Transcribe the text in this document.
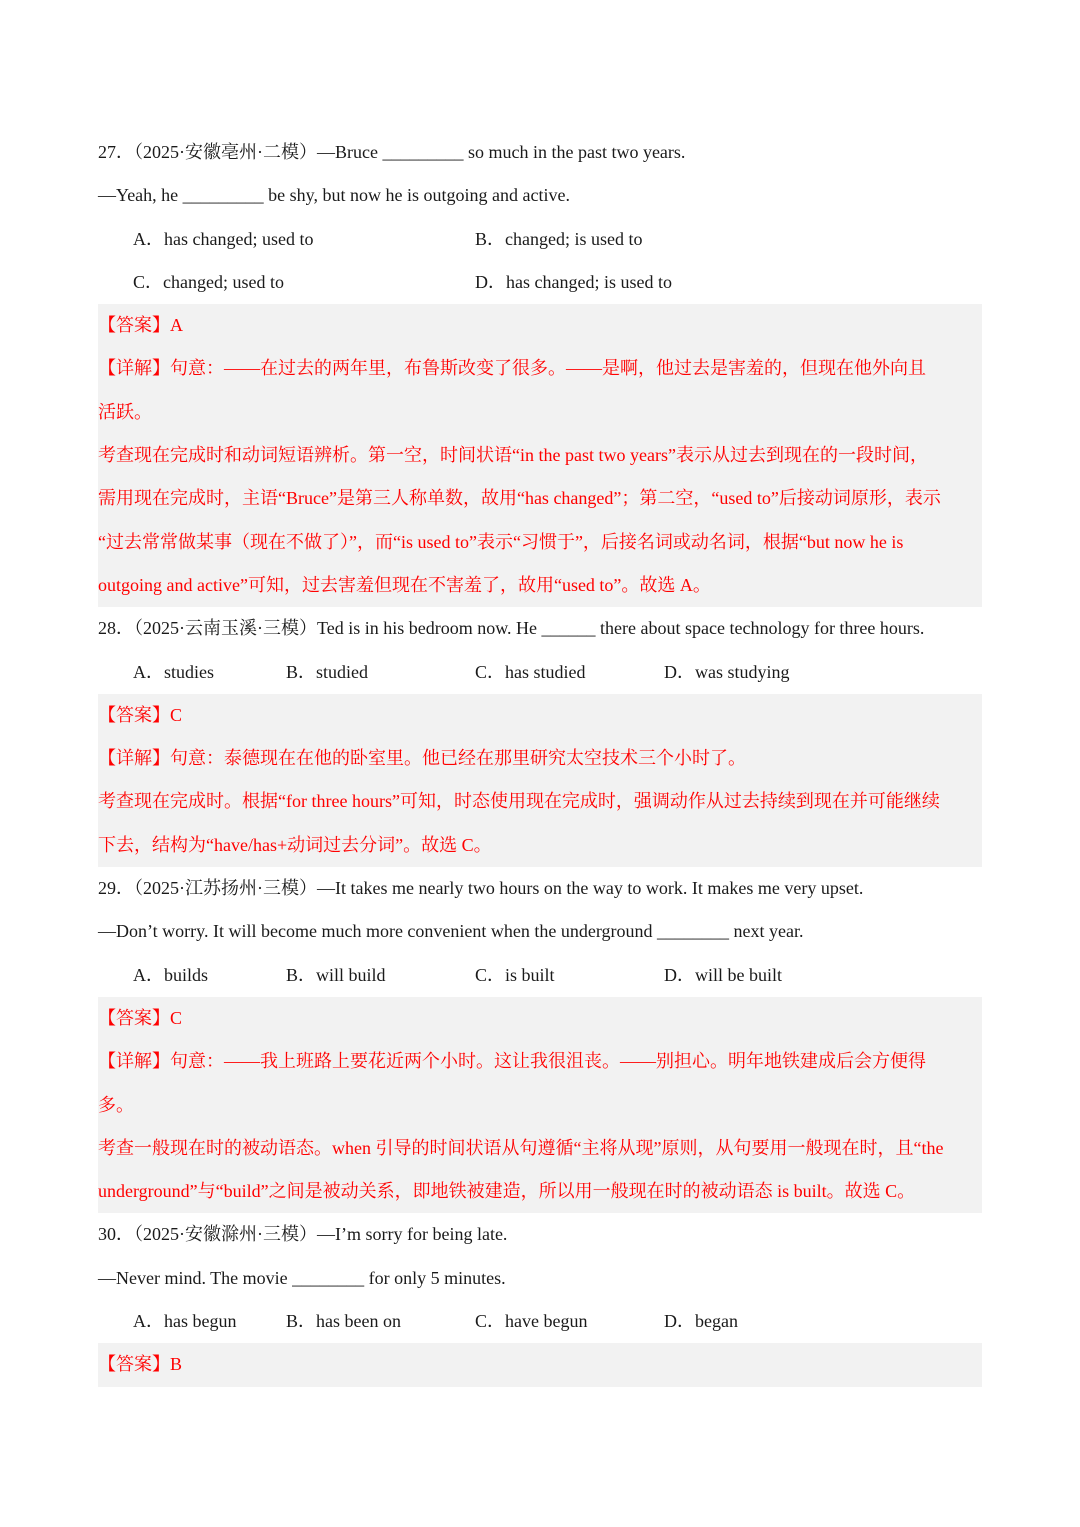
27．（2025·安徽亳州·二模）—Bruce _________ so much in the past two years.
—Yeah, he _________ be shy, but now he is outgoing and active.
A．has changed; used to	B．changed; is used to
C．changed; used to	D．has changed; is used to
【答案】A
【详解】句意：——在过去的两年里，布鲁斯改变了很多。——是啊，他过去是害羞的，但现在他外向且
活跃。
考查现在完成时和动词短语辨析。第一空，时间状语“in the past two years”表示从过去到现在的一段时间，
需用现在完成时，主语“Bruce”是第三人称单数，故用“has changed”；第二空，“used to”后接动词原形，表示
“过去常常做某事（现在不做了）”，而“is used to”表示“习惯于”，后接名词或动名词，根据“but now he is
outgoing and active”可知，过去害羞但现在不害羞了，故用“used to”。故选 A。
28．（2025·云南玉溪·三模）Ted is in his bedroom now. He ______ there about space technology for three hours.
A．studies	B．studied	C．has studied	D．was studying
【答案】C
【详解】句意：泰德现在在他的卧室里。他已经在那里研究太空技术三个小时了。
考查现在完成时。根据“for three hours”可知，时态使用现在完成时，强调动作从过去持续到现在并可能继续
下去，结构为“have/has+动词过去分词”。故选 C。
29．（2025·江苏扬州·三模）—It takes me nearly two hours on the way to work. It makes me very upset.
—Don’t worry. It will become much more convenient when the underground ________ next year.
A．builds	B．will build	C．is built	D．will be built
【答案】C
【详解】句意：——我上班路上要花近两个小时。这让我很沮丧。——别担心。明年地铁建成后会方便得
多。
考查一般现在时的被动语态。when 引导的时间状语从句遵循“主将从现”原则，从句要用一般现在时，且“the
underground”与“build”之间是被动关系，即地铁被建造，所以用一般现在时的被动语态 is built。故选 C。
30．（2025·安徽滁州·三模）—I’m sorry for being late.
—Never mind. The movie ________ for only 5 minutes.
A．has begun	B．has been on	C．have begun	D．began
【答案】B
